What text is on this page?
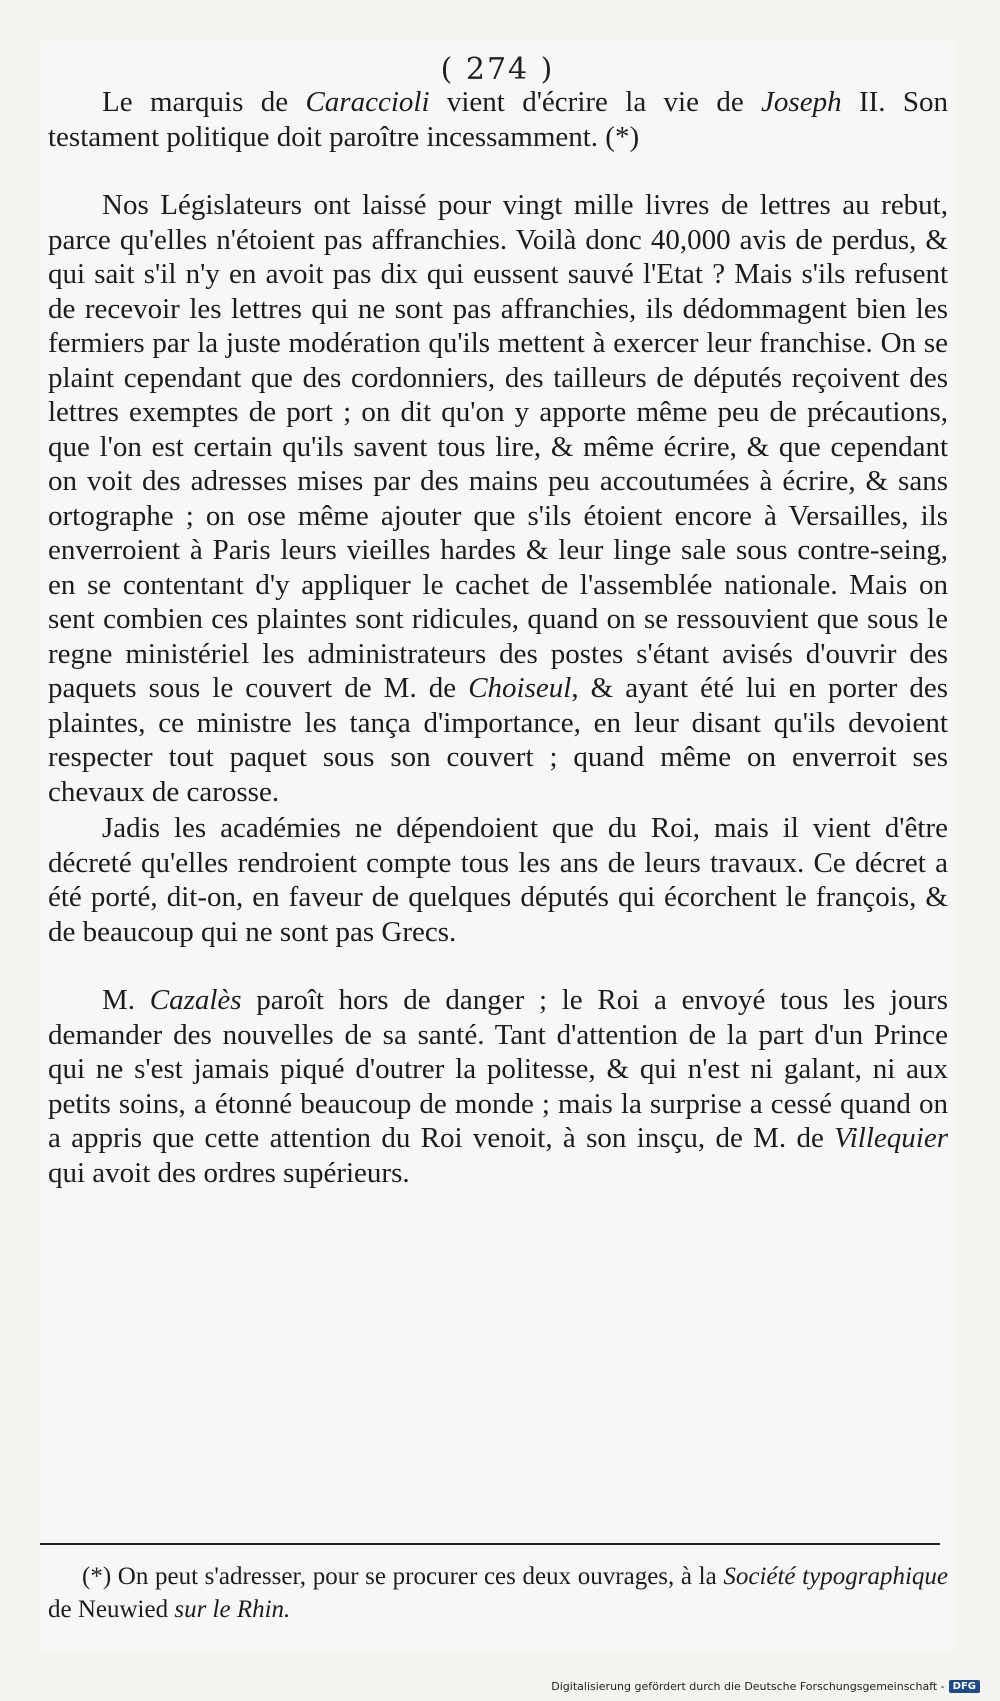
( 274 )

Le marquis de Caraccioli vient d'écrire la vie de Joseph II. Son testament politique doit paroître incessamment. (*)

Nos Législateurs ont laissé pour vingt mille livres de lettres au rebut, parce qu'elles n'étoient pas affranchies. Voilà donc 40,000 avis de perdus, & qui sait s'il n'y en avoit pas dix qui eussent sauvé l'Etat ? Mais s'ils refusent de recevoir les lettres qui ne sont pas affranchies, ils dédommagent bien les fermiers par la juste modération qu'ils mettent à exercer leur franchise. On se plaint cependant que des cordonniers, des tailleurs de députés reçoivent des lettres exemptes de port ; on dit qu'on y apporte même peu de précautions, que l'on est certain qu'ils savent tous lire, & même écrire, & que cependant on voit des adresses mises par des mains peu accoutumées à écrire, & sans ortographe ; on ose même ajouter que s'ils étoient encore à Versailles, ils enverroient à Paris leurs vieilles hardes & leur linge sale sous contre-seing, en se contentant d'y appliquer le cachet de l'assemblée nationale. Mais on sent combien ces plaintes sont ridicules, quand on se ressouvient que sous le regne ministériel les administrateurs des postes s'étant avisés d'ouvrir des paquets sous le couvert de M. de Choiseul, & ayant été lui en porter des plaintes, ce ministre les tança d'importance, en leur disant qu'ils devoient respecter tout paquet sous son couvert ; quand même on enverroit ses chevaux de carosse.

Jadis les académies ne dépendoient que du Roi, mais il vient d'être décreté qu'elles rendroient compte tous les ans de leurs travaux. Ce décret a été porté, dit-on, en faveur de quelques députés qui écorchent le françois, & de beaucoup qui ne sont pas Grecs.

M. Cazalès paroît hors de danger ; le Roi a envoyé tous les jours demander des nouvelles de sa santé. Tant d'attention de la part d'un Prince qui ne s'est jamais piqué d'outrer la politesse, & qui n'est ni galant, ni aux petits soins, a étonné beaucoup de monde ; mais la surprise a cessé quand on a appris que cette attention du Roi venoit, à son insçu, de M. de Villequier qui avoit des ordres supérieurs.

(*) On peut s'adresser, pour se procurer ces deux ouvrages, à la Société typographique de Neuwied sur le Rhin.

Digitalisierung gefördert durch die Deutsche Forschungsgemeinschaft - DFG
